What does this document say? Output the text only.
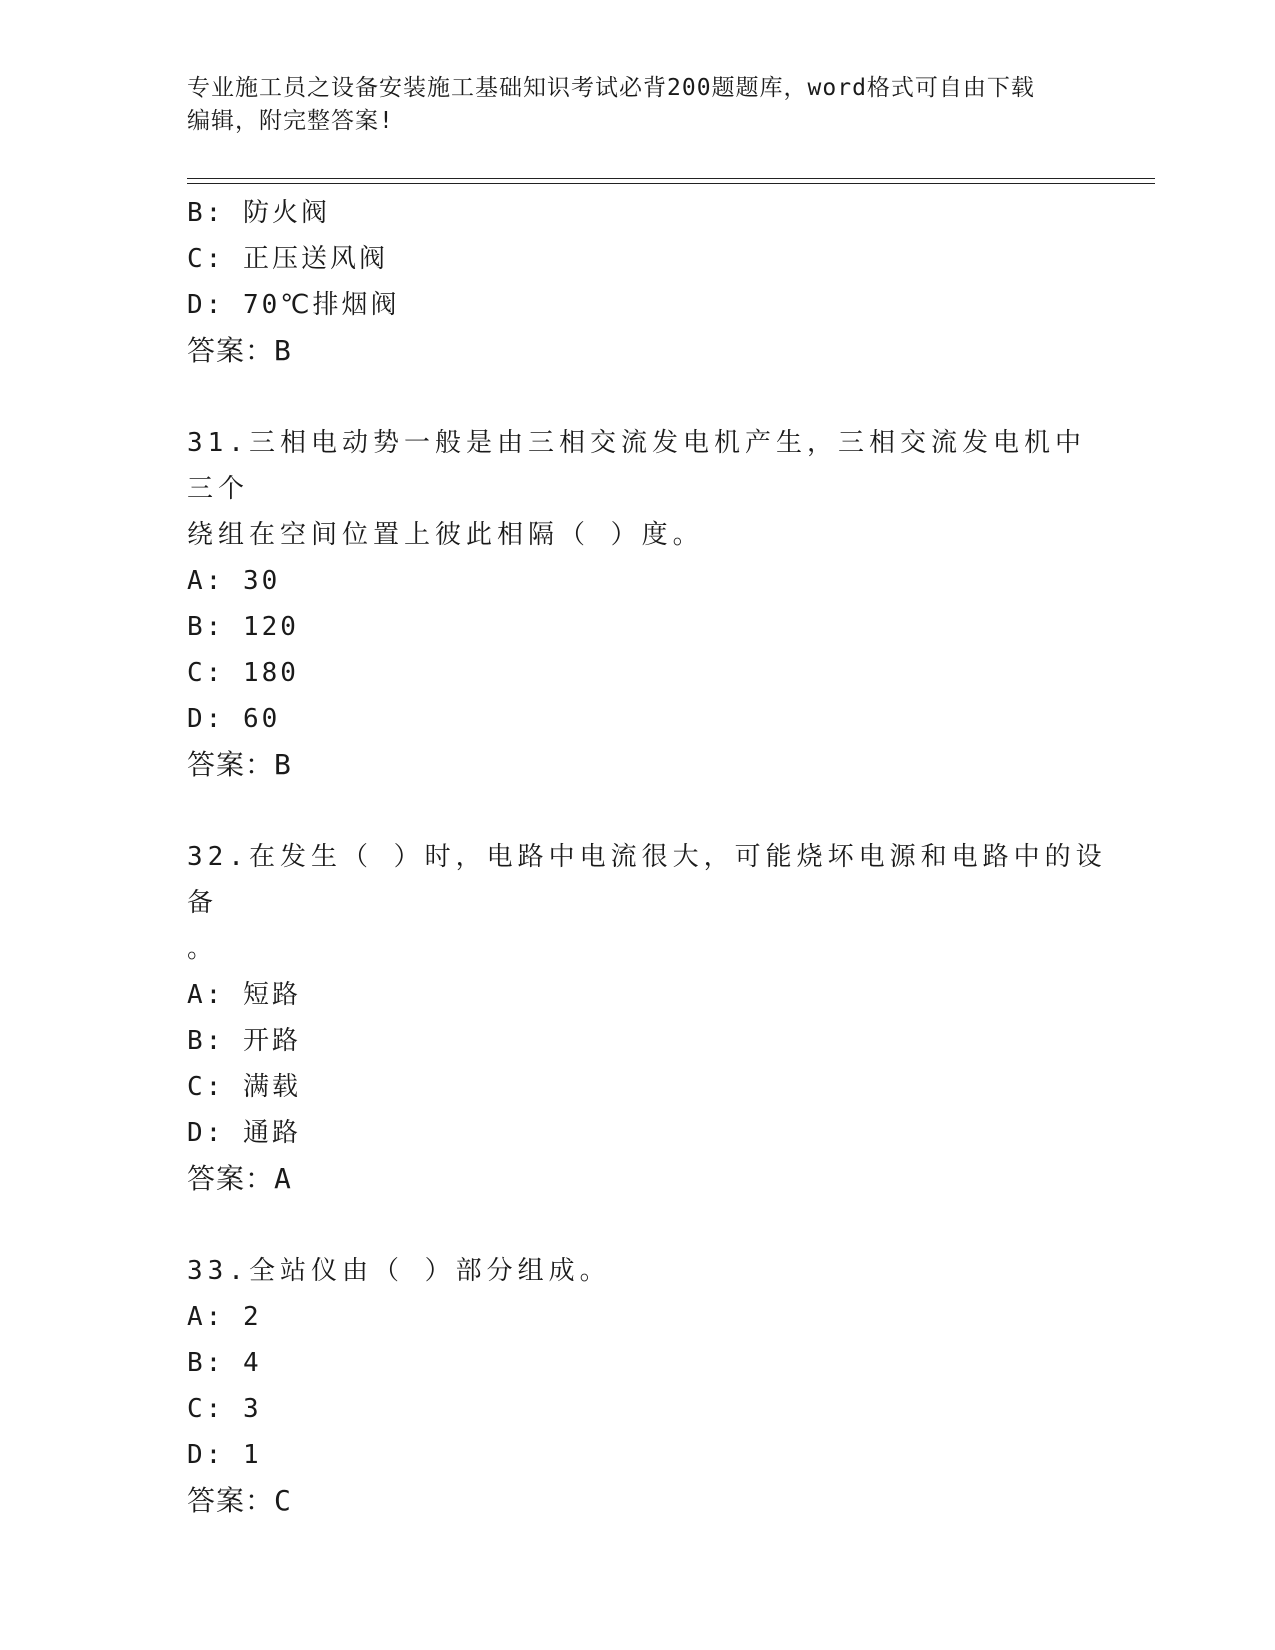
专业施工员之设备安装施工基础知识考试必背200题题库，word格式可自由下载
编辑，附完整答案!
B: 防火阀
C: 正压送风阀
D: 70℃排烟阀
答案：B
31.三相电动势一般是由三相交流发电机产生，三相交流发电机中三个
绕组在空间位置上彼此相隔（ ）度。
A: 30
B: 120
C: 180
D: 60
答案：B
32.在发生（ ）时，电路中电流很大，可能烧坏电源和电路中的设备
。
A: 短路
B: 开路
C: 满载
D: 通路
答案：A
33.全站仪由（ ）部分组成。
A: 2
B: 4
C: 3
D: 1
答案：C
